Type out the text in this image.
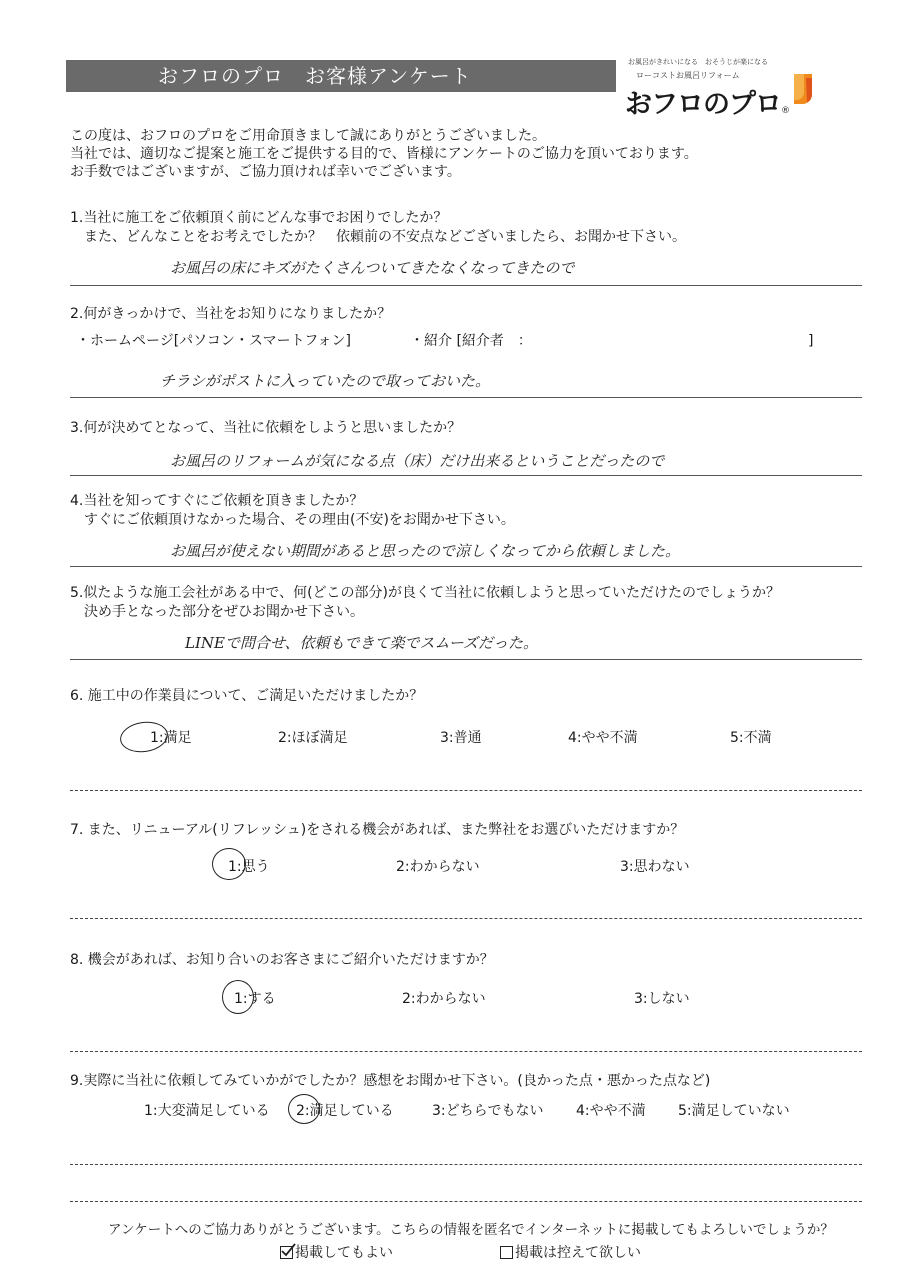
おフロのプロ　お客様アンケート
お風呂がきれいになる　おそうじが楽になる
ローコストお風呂リフォーム
おフロのプロ®
この度は、おフロのプロをご用命頂きまして誠にありがとうございました。
当社では、適切なご提案と施工をご提供する目的で、皆様にアンケートのご協力を頂いております。
お手数ではございますが、ご協力頂ければ幸いでございます。
1.当社に施工をご依頼頂く前にどんな事でお困りでしたか？
　また、どんなことをお考えでしたか？　依頼前の不安点などございましたら、お聞かせ下さい。
お風呂の床にキズがたくさんついてきたなくなってきたので
2.何がきっかけで、当社をお知りになりましたか？
・ホームページ[パソコン・スマートフォン]	・紹介 [紹介者　：	]
チラシがポストに入っていたので取っておいた。
3.何が決めてとなって、当社に依頼をしようと思いましたか？
お風呂のリフォームが気になる点（床）だけ出来るということだったので
4.当社を知ってすぐにご依頼を頂きましたか？
　すぐにご依頼頂けなかった場合、その理由(不安)をお聞かせ下さい。
お風呂が使えない期間があると思ったので涼しくなってから依頼しました。
5.似たような施工会社がある中で、何(どこの部分)が良くて当社に依頼しようと思っていただけたのでしょうか？
　決め手となった部分をぜひお聞かせ下さい。
LINEで問合せ、依頼もできて楽でスムーズだった。
6. 施工中の作業員について、ご満足いただけましたか？
1:満足	2:ほぼ満足	3:普通	4:やや不満	5:不満
7. また、リニューアル(リフレッシュ)をされる機会があれば、また弊社をお選びいただけますか？
1:思う	2:わからない	3:思わない
8. 機会があれば、お知り合いのお客さまにご紹介いただけますか？
1:する	2:わからない	3:しない
9.実際に当社に依頼してみていかがでしたか？感想をお聞かせ下さい。(良かった点・悪かった点など)
1:大変満足している 2:満足している	3:どちらでもない 4:やや不満 5:満足していない
アンケートへのご協力ありがとうございます。こちらの情報を匿名でインターネットに掲載してもよろしいでしょうか？
掲載してもよい	掲載は控えて欲しい
